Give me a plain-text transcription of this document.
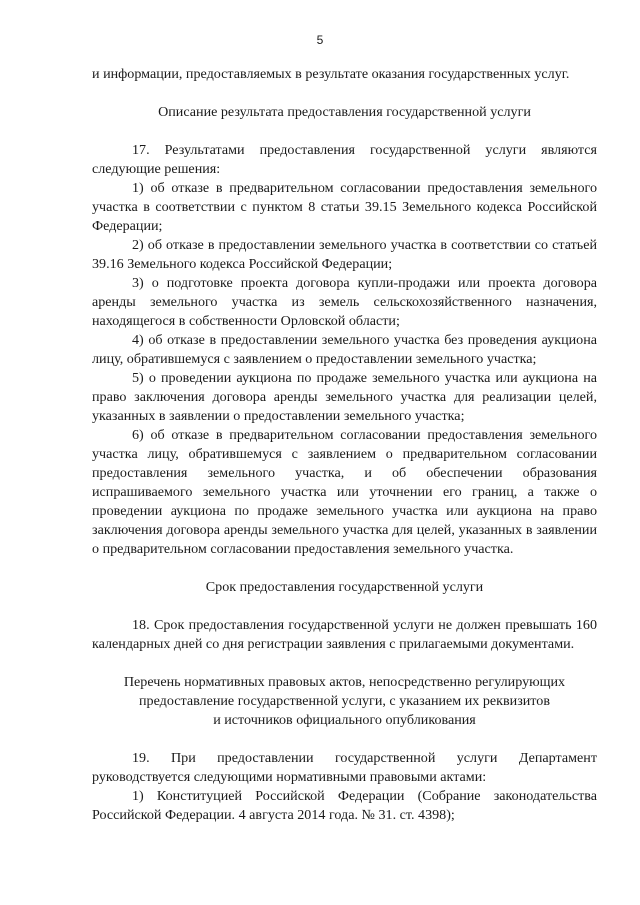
5

и информации, предоставляемых в результате оказания государственных услуг.

Описание результата предоставления государственной услуги

17. Результатами предоставления государственной услуги являются следующие решения:

1) об отказе в предварительном согласовании предоставления земельного участка в соответствии с пунктом 8 статьи 39.15 Земельного кодекса Российской Федерации;

2) об отказе в предоставлении земельного участка в соответствии со статьей 39.16 Земельного кодекса Российской Федерации;

3) о подготовке проекта договора купли-продажи или проекта договора аренды земельного участка из земель сельскохозяйственного назначения, находящегося в собственности Орловской области;

4) об отказе в предоставлении земельного участка без проведения аукциона лицу, обратившемуся с заявлением о предоставлении земельного участка;

5) о проведении аукциона по продаже земельного участка или аукциона на право заключения договора аренды земельного участка для реализации целей, указанных в заявлении о предоставлении земельного участка;

6) об отказе в предварительном согласовании предоставления земельного участка лицу, обратившемуся с заявлением о предварительном согласовании предоставления земельного участка, и об обеспечении образования испрашиваемого земельного участка или уточнении его границ, а также о проведении аукциона по продаже земельного участка или аукциона на право заключения договора аренды земельного участка для целей, указанных в заявлении о предварительном согласовании предоставления земельного участка.

Срок предоставления государственной услуги

18. Срок предоставления государственной услуги не должен превышать 160 календарных дней со дня регистрации заявления с прилагаемыми документами.

Перечень нормативных правовых актов, непосредственно регулирующих

предоставление государственной услуги, с указанием их реквизитов

и источников официального опубликования

19. При предоставлении государственной услуги Департамент руководствуется следующими нормативными правовыми актами:

1) Конституцией Российской Федерации (Собрание законодательства Российской Федерации. 4 августа 2014 года. № 31. ст. 4398);
